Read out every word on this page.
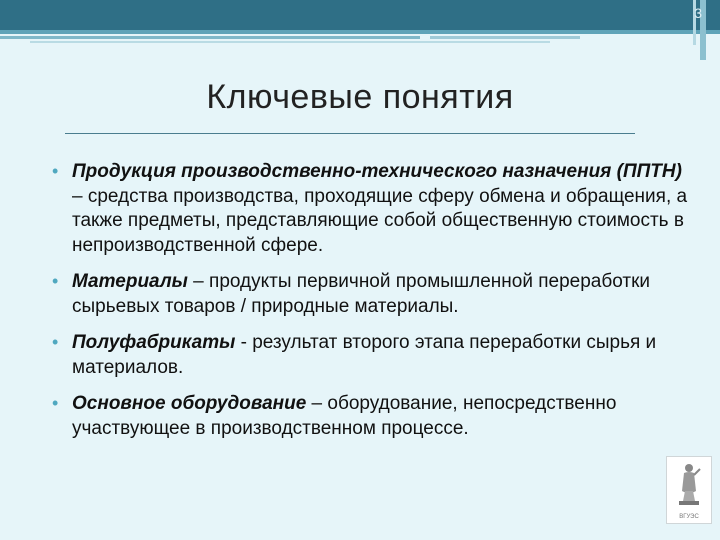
3
Ключевые понятия
• Продукция производственно-технического назначения (ППТН) – средства производства, проходящие сферу обмена и обращения, а также предметы, представляющие собой общественную стоимость в непроизводственной сфере.
• Материалы – продукты первичной промышленной переработки сырьевых товаров / природные материалы.
• Полуфабрикаты - результат второго этапа переработки сырья и материалов.
• Основное оборудование – оборудование, непосредственно участвующее в производственном процессе.
ВГУЭС
